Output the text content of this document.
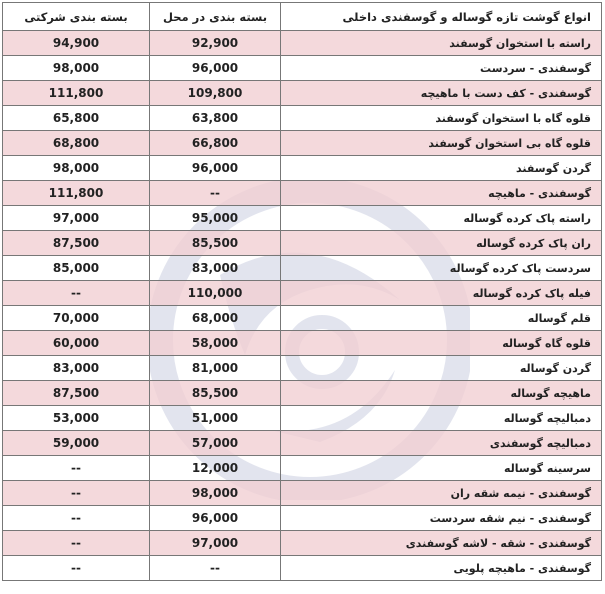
انواع گوشت تازه گوساله و گوسفندی داخلی	بسته بندی در محل	بسته بندی شرکتی
راسته با استخوان گوسفند	92,900	94,900
گوسفندی - سردست	96,000	98,000
گوسفندی - کف دست با ماهیچه	109,800	111,800
قلوه گاه با استخوان گوسفند	63,800	65,800
قلوه گاه بی استخوان گوسفند	66,800	68,800
گردن گوسفند	96,000	98,000
گوسفندی - ماهیچه	--	111,800
راسته پاک کرده گوساله	95,000	97,000
ران پاک کرده گوساله	85,500	87,500
سردست پاک کرده گوساله	83,000	85,000
فیله پاک کرده گوساله	110,000	--
قلم گوساله	68,000	70,000
قلوه گاه گوساله	58,000	60,000
گردن گوساله	81,000	83,000
ماهیچه گوساله	85,500	87,500
دمبالیچه گوساله	51,000	53,000
دمبالیچه گوسفندی	57,000	59,000
سرسینه گوساله	12,000	--
گوسفندی - نیمه شقه ران	98,000	--
گوسفندی - نیم شقه سردست	96,000	--
گوسفندی - شقه - لاشه گوسفندی	97,000	--
گوسفندی - ماهیچه پلویی	--	--
